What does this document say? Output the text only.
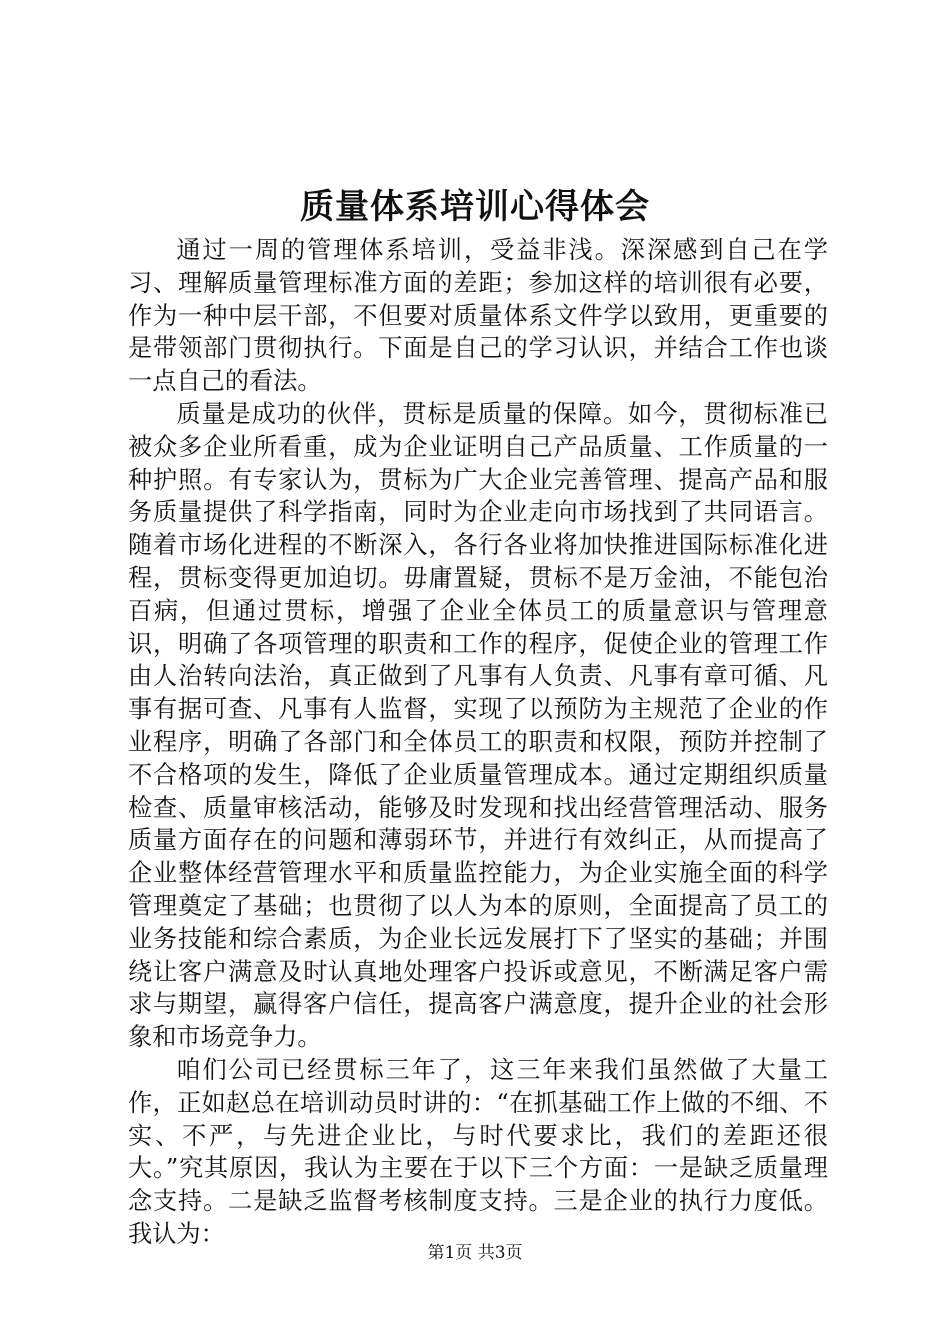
质量体系培训心得体会

通过一周的管理体系培训，受益非浅。深深感到自己在学习、理解质量管理标准方面的差距；参加这样的培训很有必要，作为一种中层干部，不但要对质量体系文件学以致用，更重要的是带领部门贯彻执行。下面是自己的学习认识，并结合工作也谈一点自己的看法。

质量是成功的伙伴，贯标是质量的保障。如今，贯彻标准已被众多企业所看重，成为企业证明自己产品质量、工作质量的一种护照。有专家认为，贯标为广大企业完善管理、提高产品和服务质量提供了科学指南，同时为企业走向市场找到了共同语言。随着市场化进程的不断深入，各行各业将加快推进国际标准化进程，贯标变得更加迫切。毋庸置疑，贯标不是万金油，不能包治百病，但通过贯标，增强了企业全体员工的质量意识与管理意识，明确了各项管理的职责和工作的程序，促使企业的管理工作由人治转向法治，真正做到了凡事有人负责、凡事有章可循、凡事有据可查、凡事有人监督，实现了以预防为主规范了企业的作业程序，明确了各部门和全体员工的职责和权限，预防并控制了不合格项的发生，降低了企业质量管理成本。通过定期组织质量检查、质量审核活动，能够及时发现和找出经营管理活动、服务质量方面存在的问题和薄弱环节，并进行有效纠正，从而提高了企业整体经营管理水平和质量监控能力，为企业实施全面的科学管理奠定了基础；也贯彻了以人为本的原则，全面提高了员工的业务技能和综合素质，为企业长远发展打下了坚实的基础；并围绕让客户满意及时认真地处理客户投诉或意见，不断满足客户需求与期望，赢得客户信任，提高客户满意度，提升企业的社会形象和市场竞争力。

咱们公司已经贯标三年了，这三年来我们虽然做了大量工作，正如赵总在培训动员时讲的：“在抓基础工作上做的不细、不实、不严，与先进企业比，与时代要求比，我们的差距还很大。”究其原因，我认为主要在于以下三个方面：一是缺乏质量理念支持。二是缺乏监督考核制度支持。三是企业的执行力度低。我认为：

第1页 共3页
